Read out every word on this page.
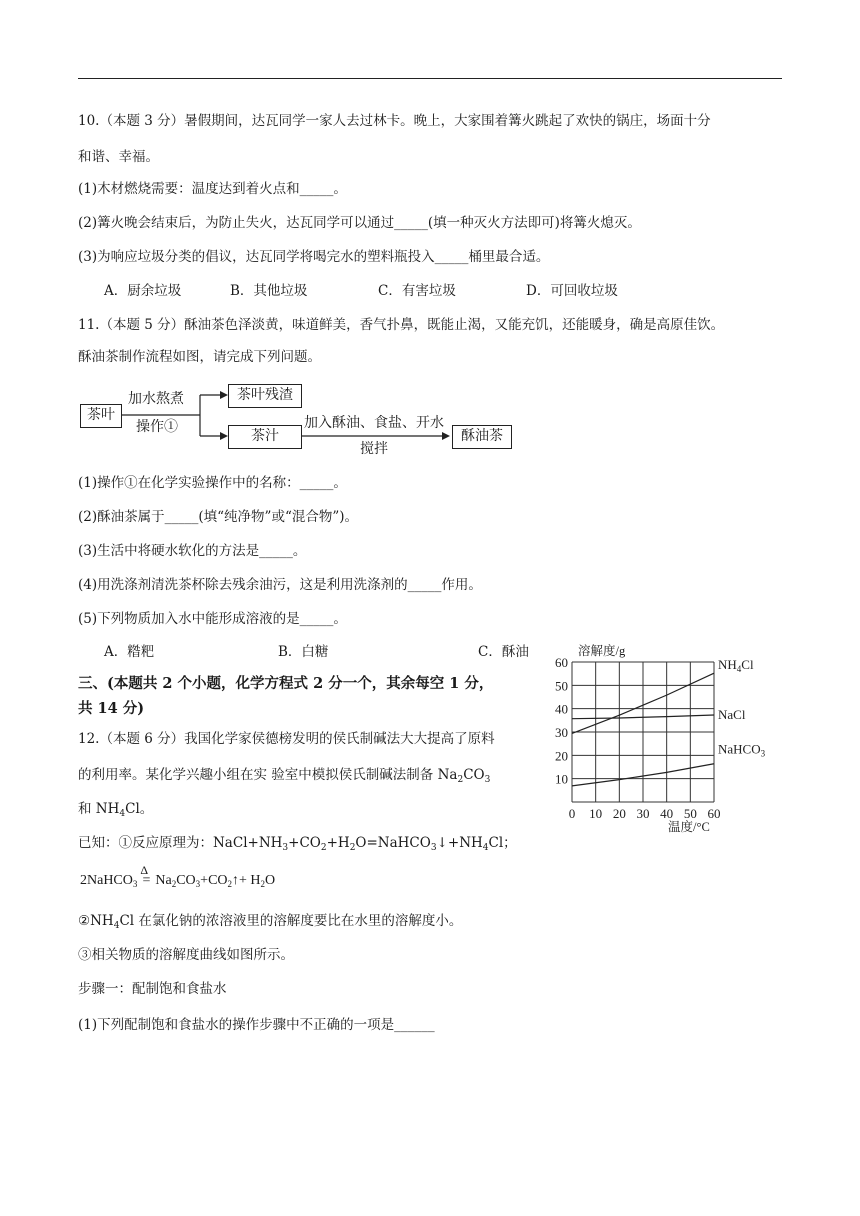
10.（本题 3 分）暑假期间，达瓦同学一家人去过林卡。晚上，大家围着篝火跳起了欢快的锅庄，场面十分
和谐、幸福。
(1)木材燃烧需要：温度达到着火点和_____。
(2)篝火晚会结束后，为防止失火，达瓦同学可以通过_____(填一种灭火方法即可)将篝火熄灭。
(3)为响应垃圾分类的倡议，达瓦同学将喝完水的塑料瓶投入_____桶里最合适。
A．厨余垃圾	B．其他垃圾	C．有害垃圾	D．可回收垃圾
11.（本题 5 分）酥油茶色泽淡黄，味道鲜美，香气扑鼻，既能止渴，又能充饥，还能暖身，确是高原佳饮。
酥油茶制作流程如图，请完成下列问题。
茶叶
加水熬煮
操作①
茶叶残渣
茶汁
加入酥油、食盐、开水
搅拌
酥油茶
(1)操作①在化学实验操作中的名称：_____。
(2)酥油茶属于_____(填“纯净物”或“混合物”)。
(3)生活中将硬水软化的方法是_____。
(4)用洗涤剂清洗茶杯除去残余油污，这是利用洗涤剂的_____作用。
(5)下列物质加入水中能形成溶液的是_____。
A．糌粑	B．白糖	C．酥油
三、(本题共 2 个小题，化学方程式 2 分一个，其余每空 1 分，
共 14 分)
12.（本题 6 分）我国化学家侯德榜发明的侯氏制碱法大大提高了原料
的利用率。某化学兴趣小组在实 验室中模拟侯氏制碱法制备 $Na_2CO_3$
和 $NH_4Cl$。
已知：①反应原理为：$NaCl+NH_3+CO_2+H_2O=NaHCO_3↓+NH_4Cl$；
2NaHCO$_3$
Δ
= $Na_2CO_3+CO_2↑+ H_2O$
$②NH_4Cl$ 在氯化钠的浓溶液里的溶解度要比在水里的溶解度小。
③相关物质的溶解度曲线如图所示。
步骤一：配制饱和食盐水
(1)下列配制饱和食盐水的操作步骤中不正确的一项是______
溶解度/g
温度/°C
0 10 20 30 40 50 60
10
20
30
40
50
60	$NH_4Cl$
NaCl
NaHCO$_3$
